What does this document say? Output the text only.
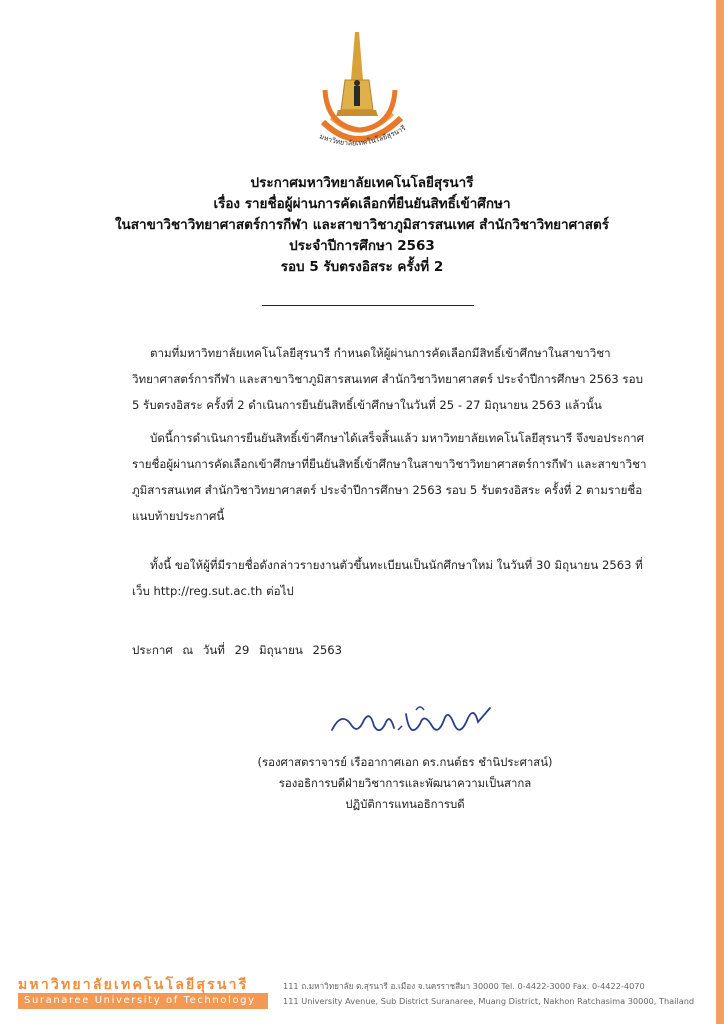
มหาวิทยาลัยเทคโนโลยีสุรนารี
ประกาศมหาวิทยาลัยเทคโนโลยีสุรนารี
เรื่อง รายชื่อผู้ผ่านการคัดเลือกที่ยืนยันสิทธิ์เข้าศึกษา
ในสาขาวิชาวิทยาศาสตร์การกีฬา และสาขาวิชาภูมิสารสนเทศ สำนักวิชาวิทยาศาสตร์
ประจำปีการศึกษา 2563
รอบ 5 รับตรงอิสระ ครั้งที่ 2
ตามที่มหาวิทยาลัยเทคโนโลยีสุรนารี กำหนดให้ผู้ผ่านการคัดเลือกมีสิทธิ์เข้าศึกษาในสาขาวิชาวิทยาศาสตร์การกีฬา และสาขาวิชาภูมิสารสนเทศ สำนักวิชาวิทยาศาสตร์ ประจำปีการศึกษา 2563 รอบ 5 รับตรงอิสระ ครั้งที่ 2 ดำเนินการยืนยันสิทธิ์เข้าศึกษาในวันที่ 25 - 27 มิถุนายน 2563 แล้วนั้น
บัดนี้การดำเนินการยืนยันสิทธิ์เข้าศึกษาได้เสร็จสิ้นแล้ว มหาวิทยาลัยเทคโนโลยีสุรนารี จึงขอประกาศรายชื่อผู้ผ่านการคัดเลือกเข้าศึกษาที่ยืนยันสิทธิ์เข้าศึกษาในสาขาวิชาวิทยาศาสตร์การกีฬา และสาขาวิชาภูมิสารสนเทศ สำนักวิชาวิทยาศาสตร์ ประจำปีการศึกษา 2563 รอบ 5 รับตรงอิสระ ครั้งที่ 2 ตามรายชื่อแนบท้ายประกาศนี้
ทั้งนี้ ขอให้ผู้ที่มีรายชื่อดังกล่าวรายงานตัวขึ้นทะเบียนเป็นนักศึกษาใหม่ ในวันที่ 30 มิถุนายน 2563 ที่เว็บ http://reg.sut.ac.th ต่อไป
ประกาศ ณ วันที่ 29 มิถุนายน 2563
(รองศาสตราจารย์ เรืออากาศเอก ดร.กนต์ธร ชำนิประศาสน์)
รองอธิการบดีฝ่ายวิชาการและพัฒนาความเป็นสากล
ปฏิบัติการแทนอธิการบดี
มหาวิทยาลัยเทคโนโลยีสุรนารี
Suranaree University of Technology
111 ถ.มหาวิทยาลัย ต.สุรนารี อ.เมือง จ.นครราชสีมา 30000 Tel. 0-4422-3000 Fax. 0-4422-4070
111 University Avenue, Sub District Suranaree, Muang District, Nakhon Ratchasima 30000, Thailand
